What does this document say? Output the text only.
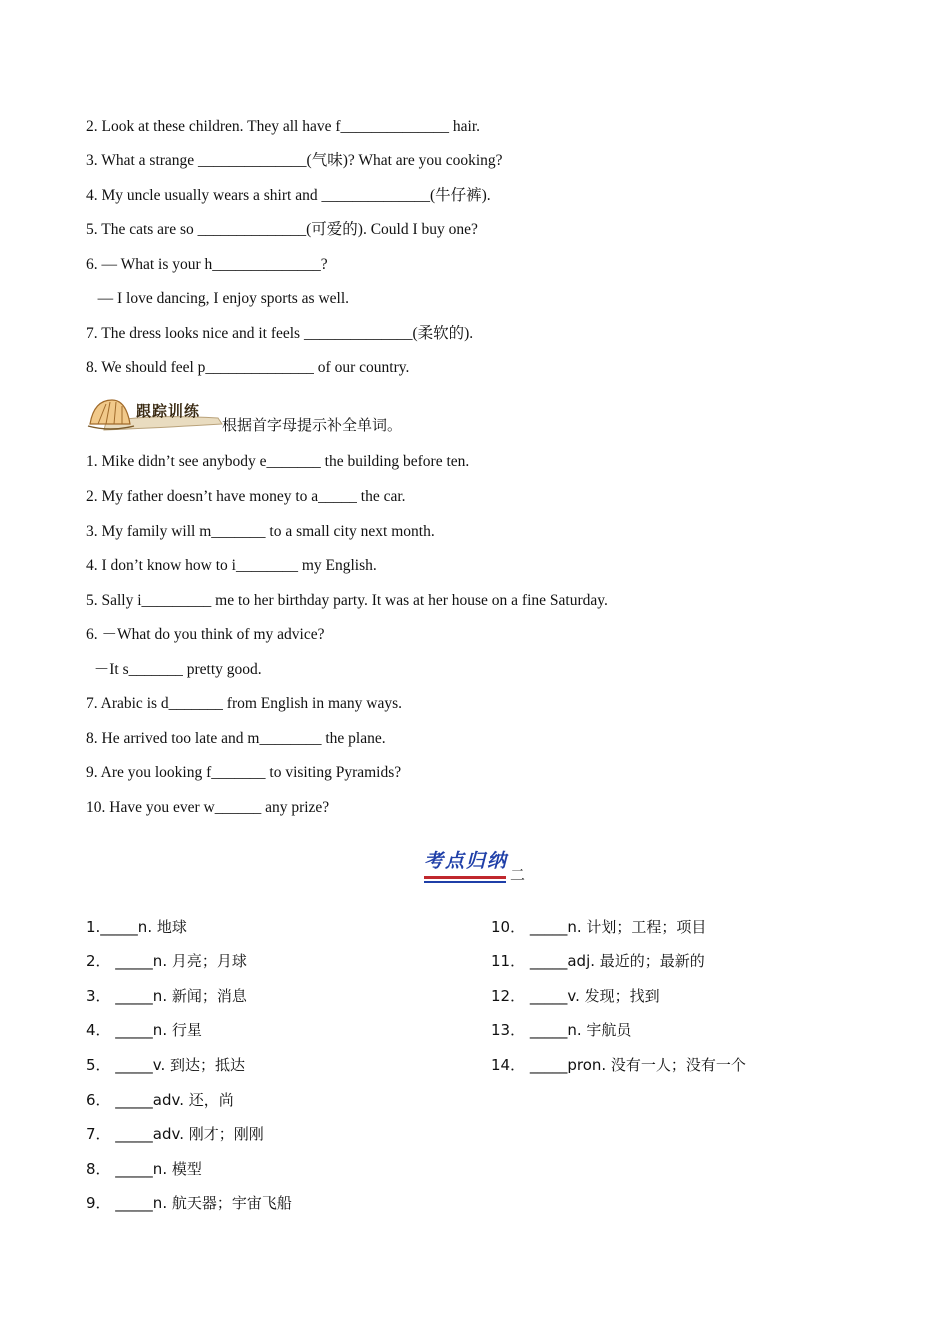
2. Look at these children. They all have f______________ hair.
3. What a strange ______________(气味)? What are you cooking?
4. My uncle usually wears a shirt and ______________(牛仔裤).
5. The cats are so ______________(可爱的). Could I buy one?
6. — What is your h______________?
— I love dancing, I enjoy sports as well.
7. The dress looks nice and it feels ______________(柔软的).
8. We should feel p______________ of our country.
跟踪训练
根据首字母提示补全单词。
1. Mike didn’t see anybody e_______ the building before ten.
2. My father doesn’t have money to a_____ the car.
3. My family will m_______ to a small city next month.
4. I don’t know how to i________ my English.
5. Sally i_________ me to her birthday party. It was at her house on a fine Saturday.
6. －What do you think of my advice?
－It s_______ pretty good.
7. Arabic is d_______ from English in many ways.
8. He arrived too late and m________ the plane.
9. Are you looking f_______ to visiting Pyramids?
10. Have you ever w______ any prize?
考点归纳
二
1._____n. 地球
2． _____n. 月亮；月球
3． _____n. 新闻；消息
4． _____n. 行星
5． _____v. 到达；抵达
6． _____adv. 还，尚
7． _____adv. 刚才；刚刚
8． _____n. 模型
9． _____n. 航天器；宇宙飞船
10． _____n. 计划；工程；项目
11． _____adj. 最近的；最新的
12． _____v. 发现；找到
13． _____n. 宇航员
14． _____pron. 没有一人；没有一个
